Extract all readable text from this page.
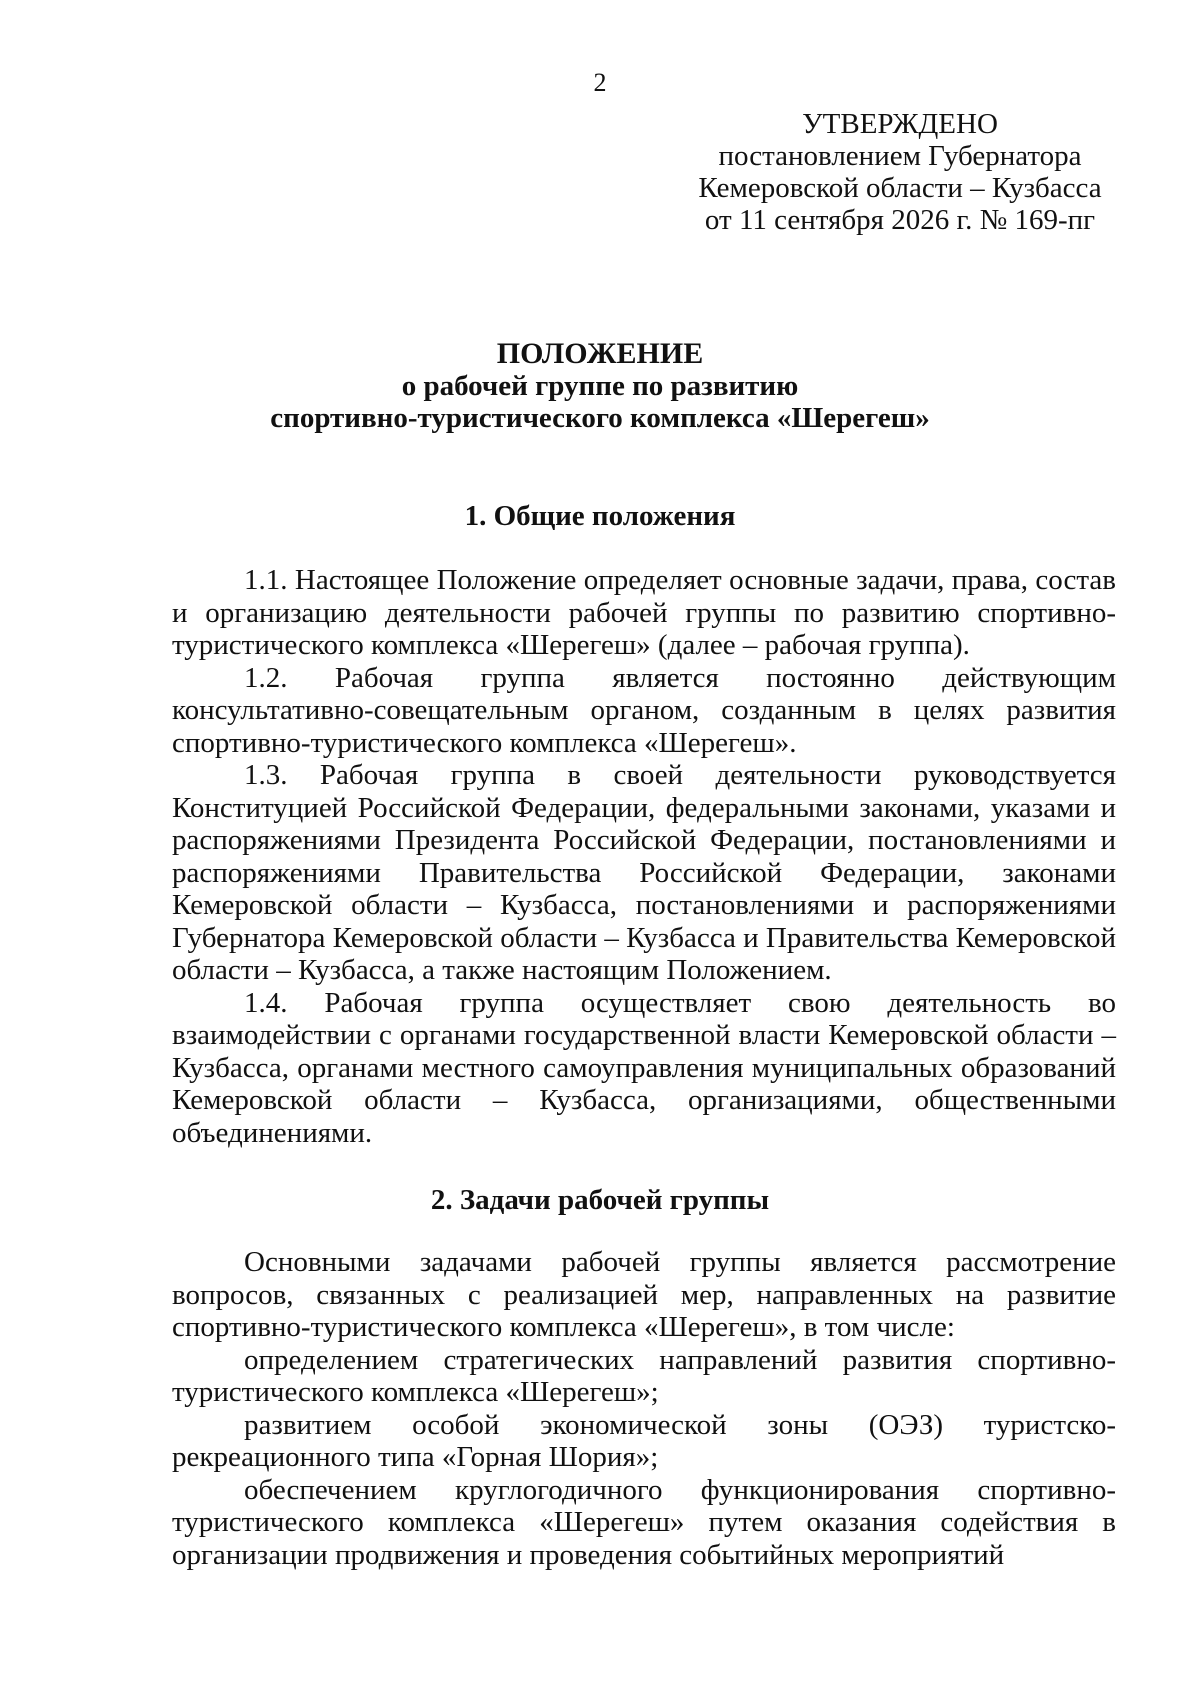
2
УТВЕРЖДЕНО
постановлением Губернатора
Кемеровской области – Кузбасса
от 11 сентября 2026 г. № 169-пг
ПОЛОЖЕНИЕ
о рабочей группе по развитию
спортивно-туристического комплекса «Шерегеш»
1. Общие положения

1.1. Настоящее Положение определяет основные задачи, права, состав и организацию деятельности рабочей группы по развитию спортивно-туристического комплекса «Шерегеш» (далее – рабочая группа).

1.2. Рабочая группа является постоянно действующим консультативно-совещательным органом, созданным в целях развития спортивно-туристического комплекса «Шерегеш».

1.3. Рабочая группа в своей деятельности руководствуется Конституцией Российской Федерации, федеральными законами, указами и распоряжениями Президента Российской Федерации, постановлениями и распоряжениями Правительства Российской Федерации, законами Кемеровской области – Кузбасса, постановлениями и распоряжениями Губернатора Кемеровской области – Кузбасса и Правительства Кемеровской области – Кузбасса, а также настоящим Положением.

1.4. Рабочая группа осуществляет свою деятельность во взаимодействии с органами государственной власти Кемеровской области – Кузбасса, органами местного самоуправления муниципальных образований Кемеровской области – Кузбасса, организациями, общественными объединениями.

2. Задачи рабочей группы

Основными задачами рабочей группы является рассмотрение вопросов, связанных с реализацией мер, направленных на развитие спортивно-туристического комплекса «Шерегеш», в том числе:

определением стратегических направлений развития спортивно-туристического комплекса «Шерегеш»;

развитием особой экономической зоны (ОЭЗ) туристско-рекреационного типа «Горная Шория»;

обеспечением круглогодичного функционирования спортивно-туристического комплекса «Шерегеш» путем оказания содействия в организации продвижения и проведения событийных мероприятий
